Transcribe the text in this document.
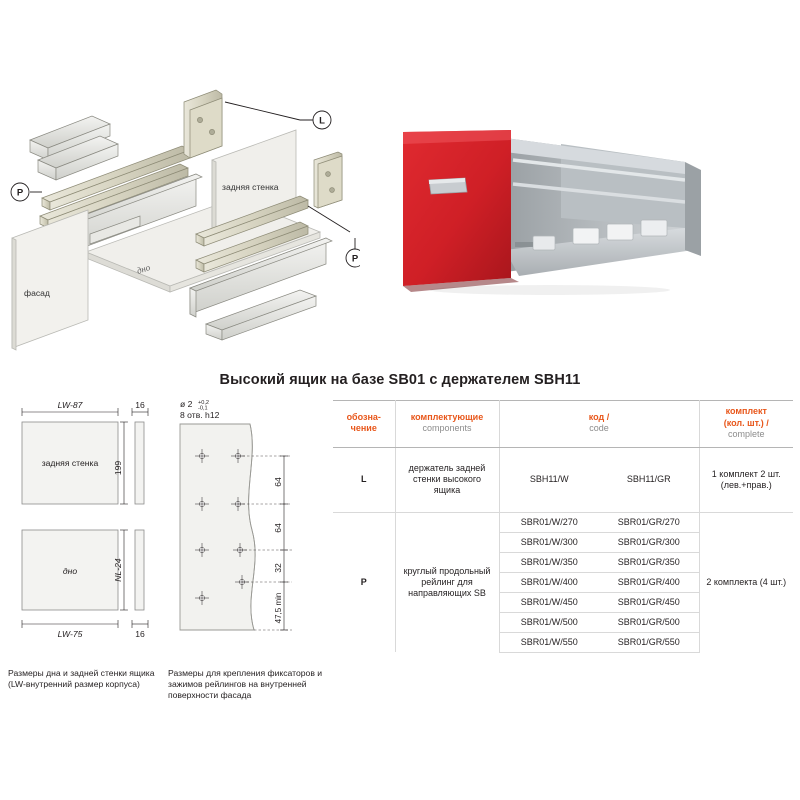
дно
задняя стенка
фасад
L
P
P
Высокий ящик на базе SB01 с держателем SBH11
LW-87	16
задняя стенка 199
дно	NL-24
LW-75	16
ø 2 +0,2
-0,1
8 отв. h12
64
64
32
47,5 min
Размеры дна и задней стенки ящика (LW-внутренний размер корпуса)
Размеры для крепления фиксаторов и зажимов рейлингов на внутренней поверхности фасада
обозна-
чение

комплектующие
components

код /
code

комплект
(кол. шт.) /
complete

L	держатель задней стенки высокого ящика	SBH11/W	SBH11/GR	1 комплект 2 шт. (лев.+прав.)
P	круглый продольный рейлинг для направляющих SB	SBR01/W/270	SBR01/GR/270	2 комплекта (4 шт.)
		SBR01/W/300	SBR01/GR/300	
		SBR01/W/350	SBR01/GR/350	
		SBR01/W/400	SBR01/GR/400	
		SBR01/W/450	SBR01/GR/450	
		SBR01/W/500	SBR01/GR/500	
		SBR01/W/550	SBR01/GR/550	
